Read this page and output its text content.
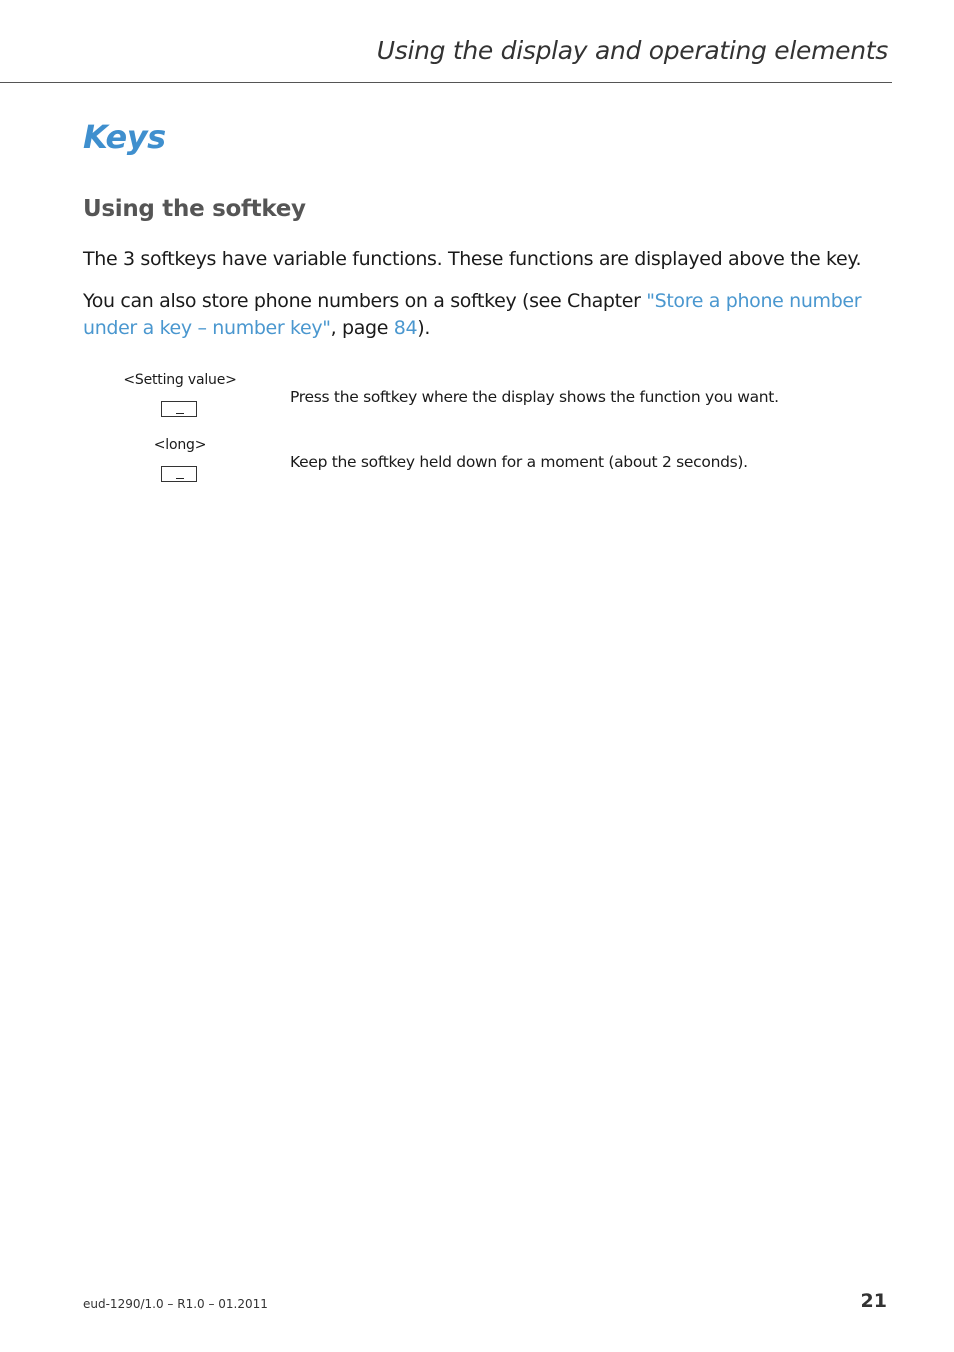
Using the display and operating elements
Keys
Using the softkey

The 3 softkeys have variable functions. These functions are displayed above the key.

You can also store phone numbers on a softkey (see Chapter "Store a phone number under a key – number key", page 84).

<Setting value>
Press the softkey where the display shows the function you want.
<long>
Keep the softkey held down for a moment (about 2 seconds).
eud-1290/1.0 – R1.0 – 01.2011	21
